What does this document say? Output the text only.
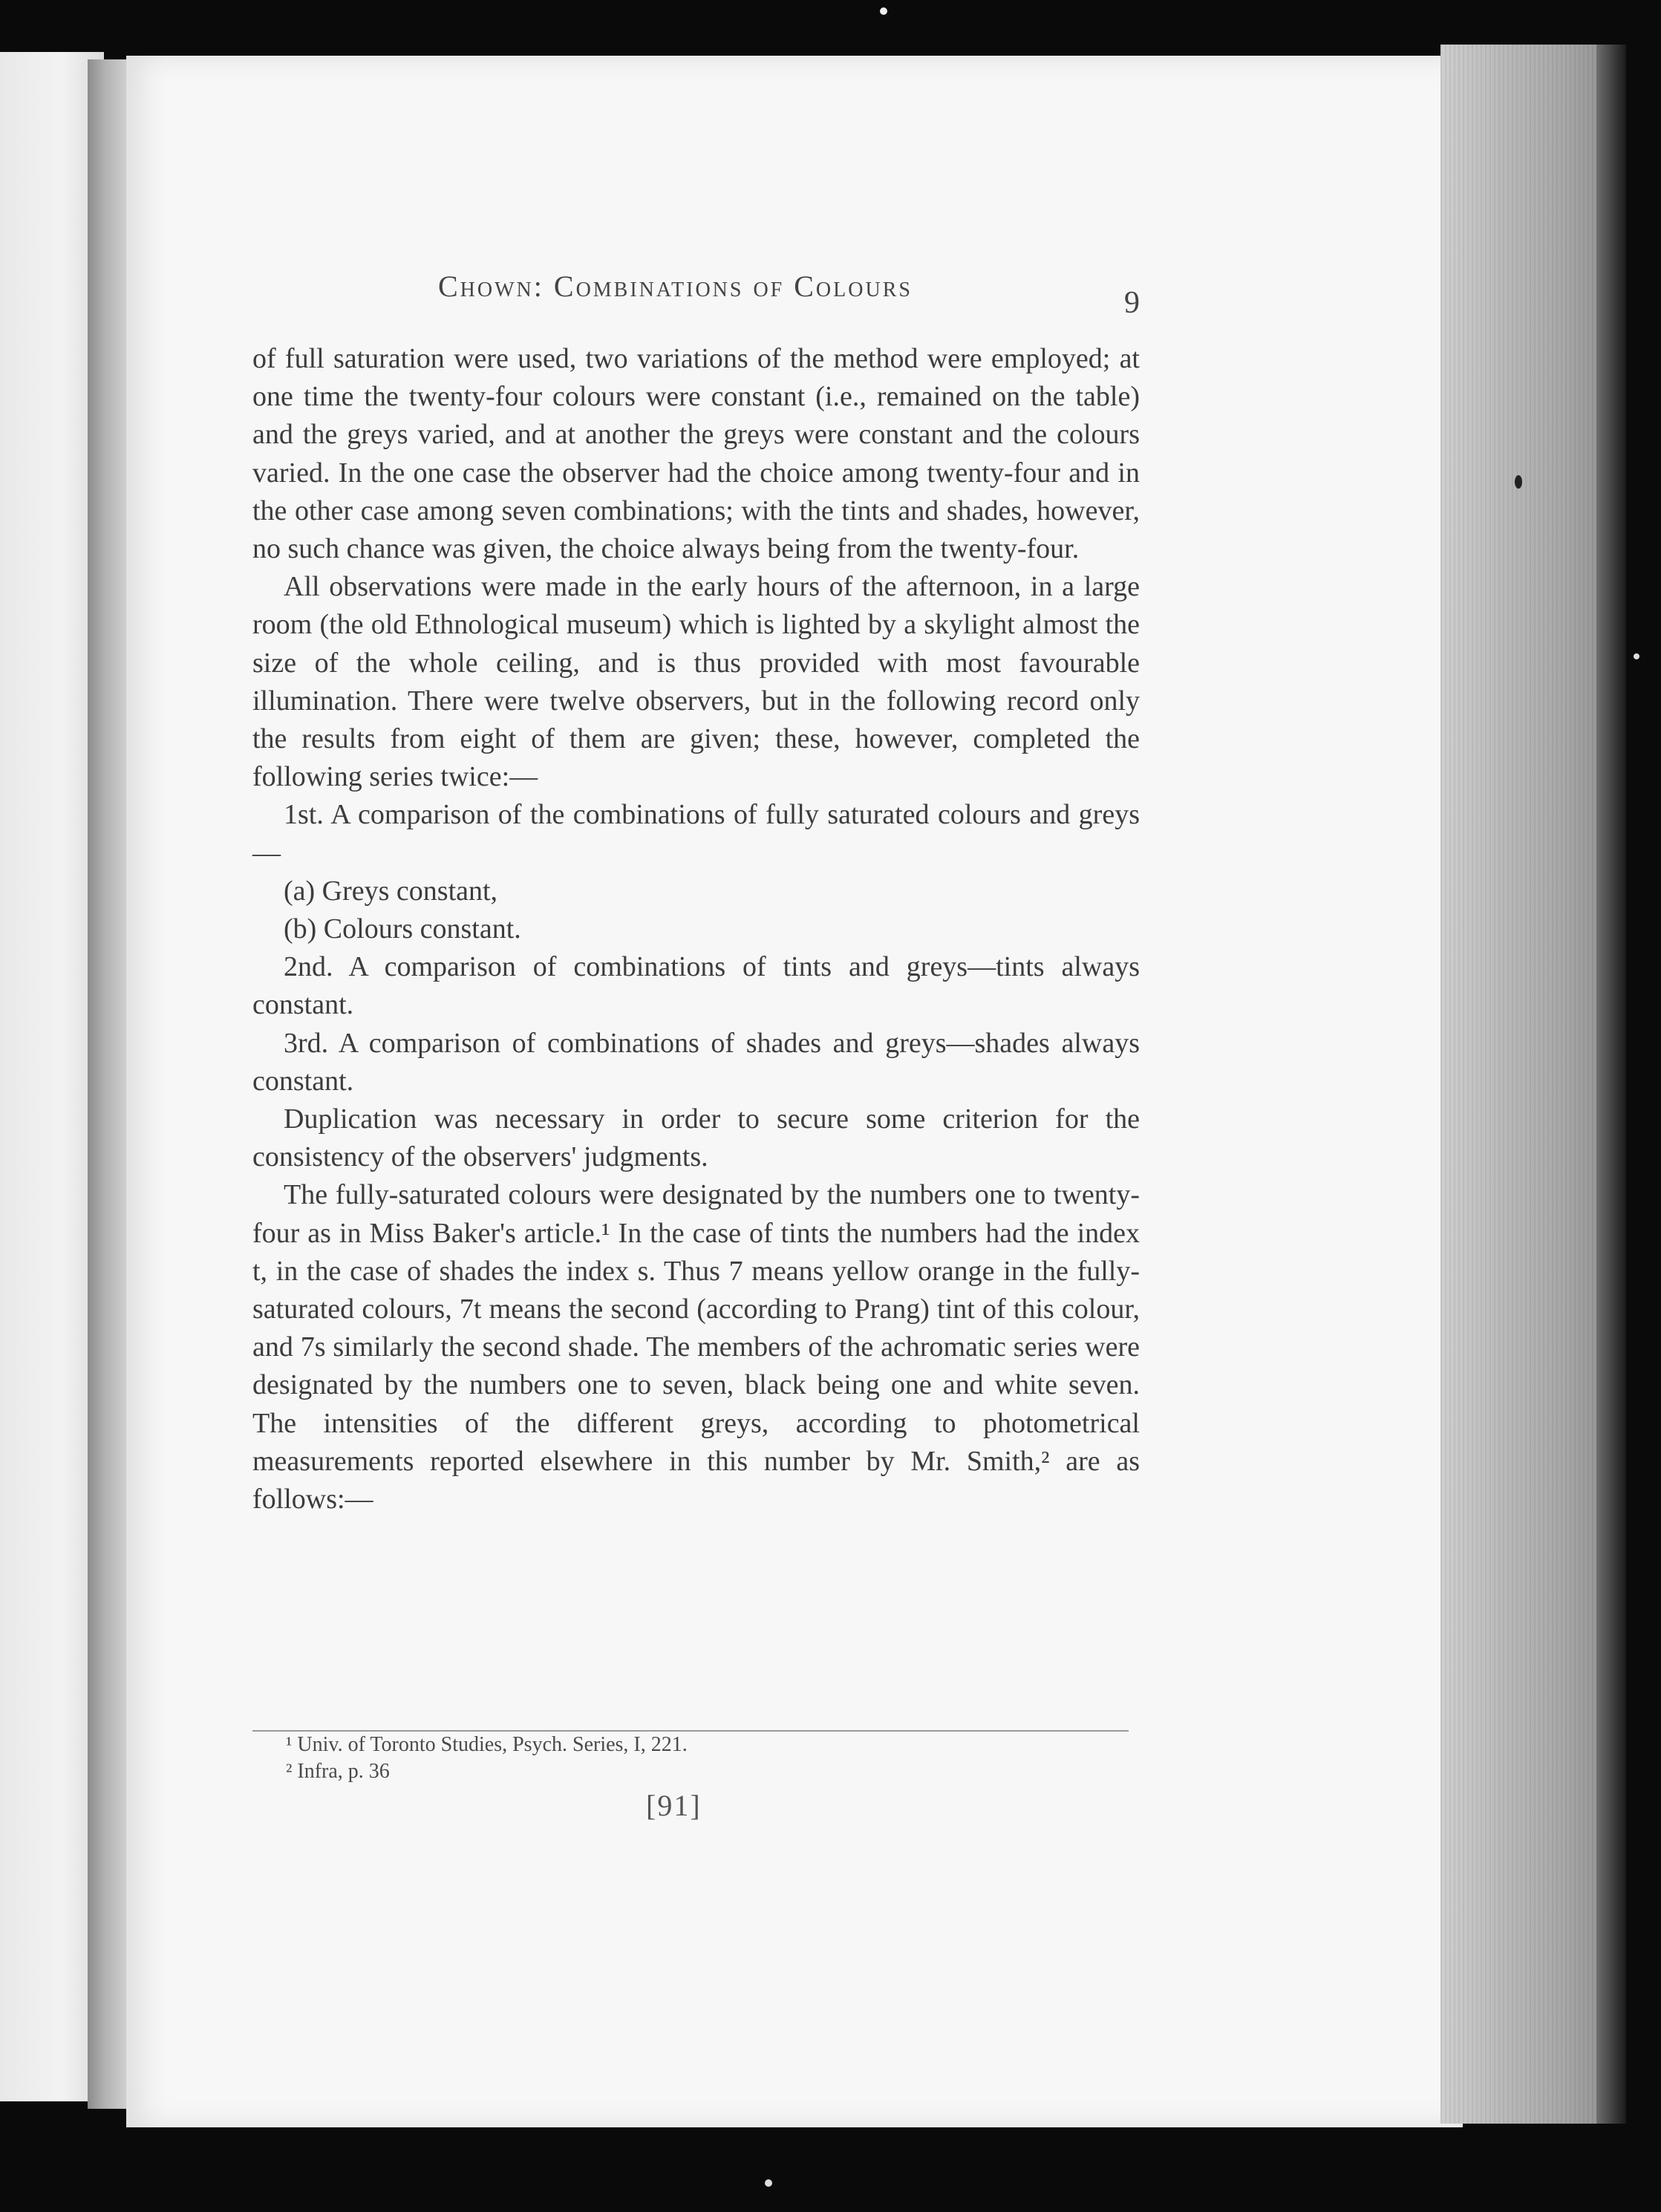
Chown: Combinations of Colours	9

of full saturation were used, two variations of the method were employed; at one time the twenty-four colours were constant (i.e., remained on the table) and the greys varied, and at another the greys were constant and the colours varied. In the one case the observer had the choice among twenty-four and in the other case among seven combinations; with the tints and shades, however, no such chance was given, the choice always being from the twenty-four.

All observations were made in the early hours of the afternoon, in a large room (the old Ethnological museum) which is lighted by a skylight almost the size of the whole ceiling, and is thus provided with most favourable illumination. There were twelve observers, but in the following record only the results from eight of them are given; these, however, completed the following series twice:—

1st. A comparison of the combinations of fully saturated colours and greys—

(a) Greys constant,

(b) Colours constant.

2nd. A comparison of combinations of tints and greys—tints always constant.

3rd. A comparison of combinations of shades and greys—shades always constant.

Duplication was necessary in order to secure some criterion for the consistency of the observers' judgments.

The fully-saturated colours were designated by the numbers one to twenty-four as in Miss Baker's article.¹ In the case of tints the numbers had the index t, in the case of shades the index s. Thus 7 means yellow orange in the fully-saturated colours, 7t means the second (according to Prang) tint of this colour, and 7s similarly the second shade. The members of the achromatic series were designated by the numbers one to seven, black being one and white seven. The intensities of the different greys, according to photometrical measurements reported elsewhere in this number by Mr. Smith,² are as follows:—

¹ Univ. of Toronto Studies, Psych. Series, I, 221.
² Infra, p. 36
[91]
